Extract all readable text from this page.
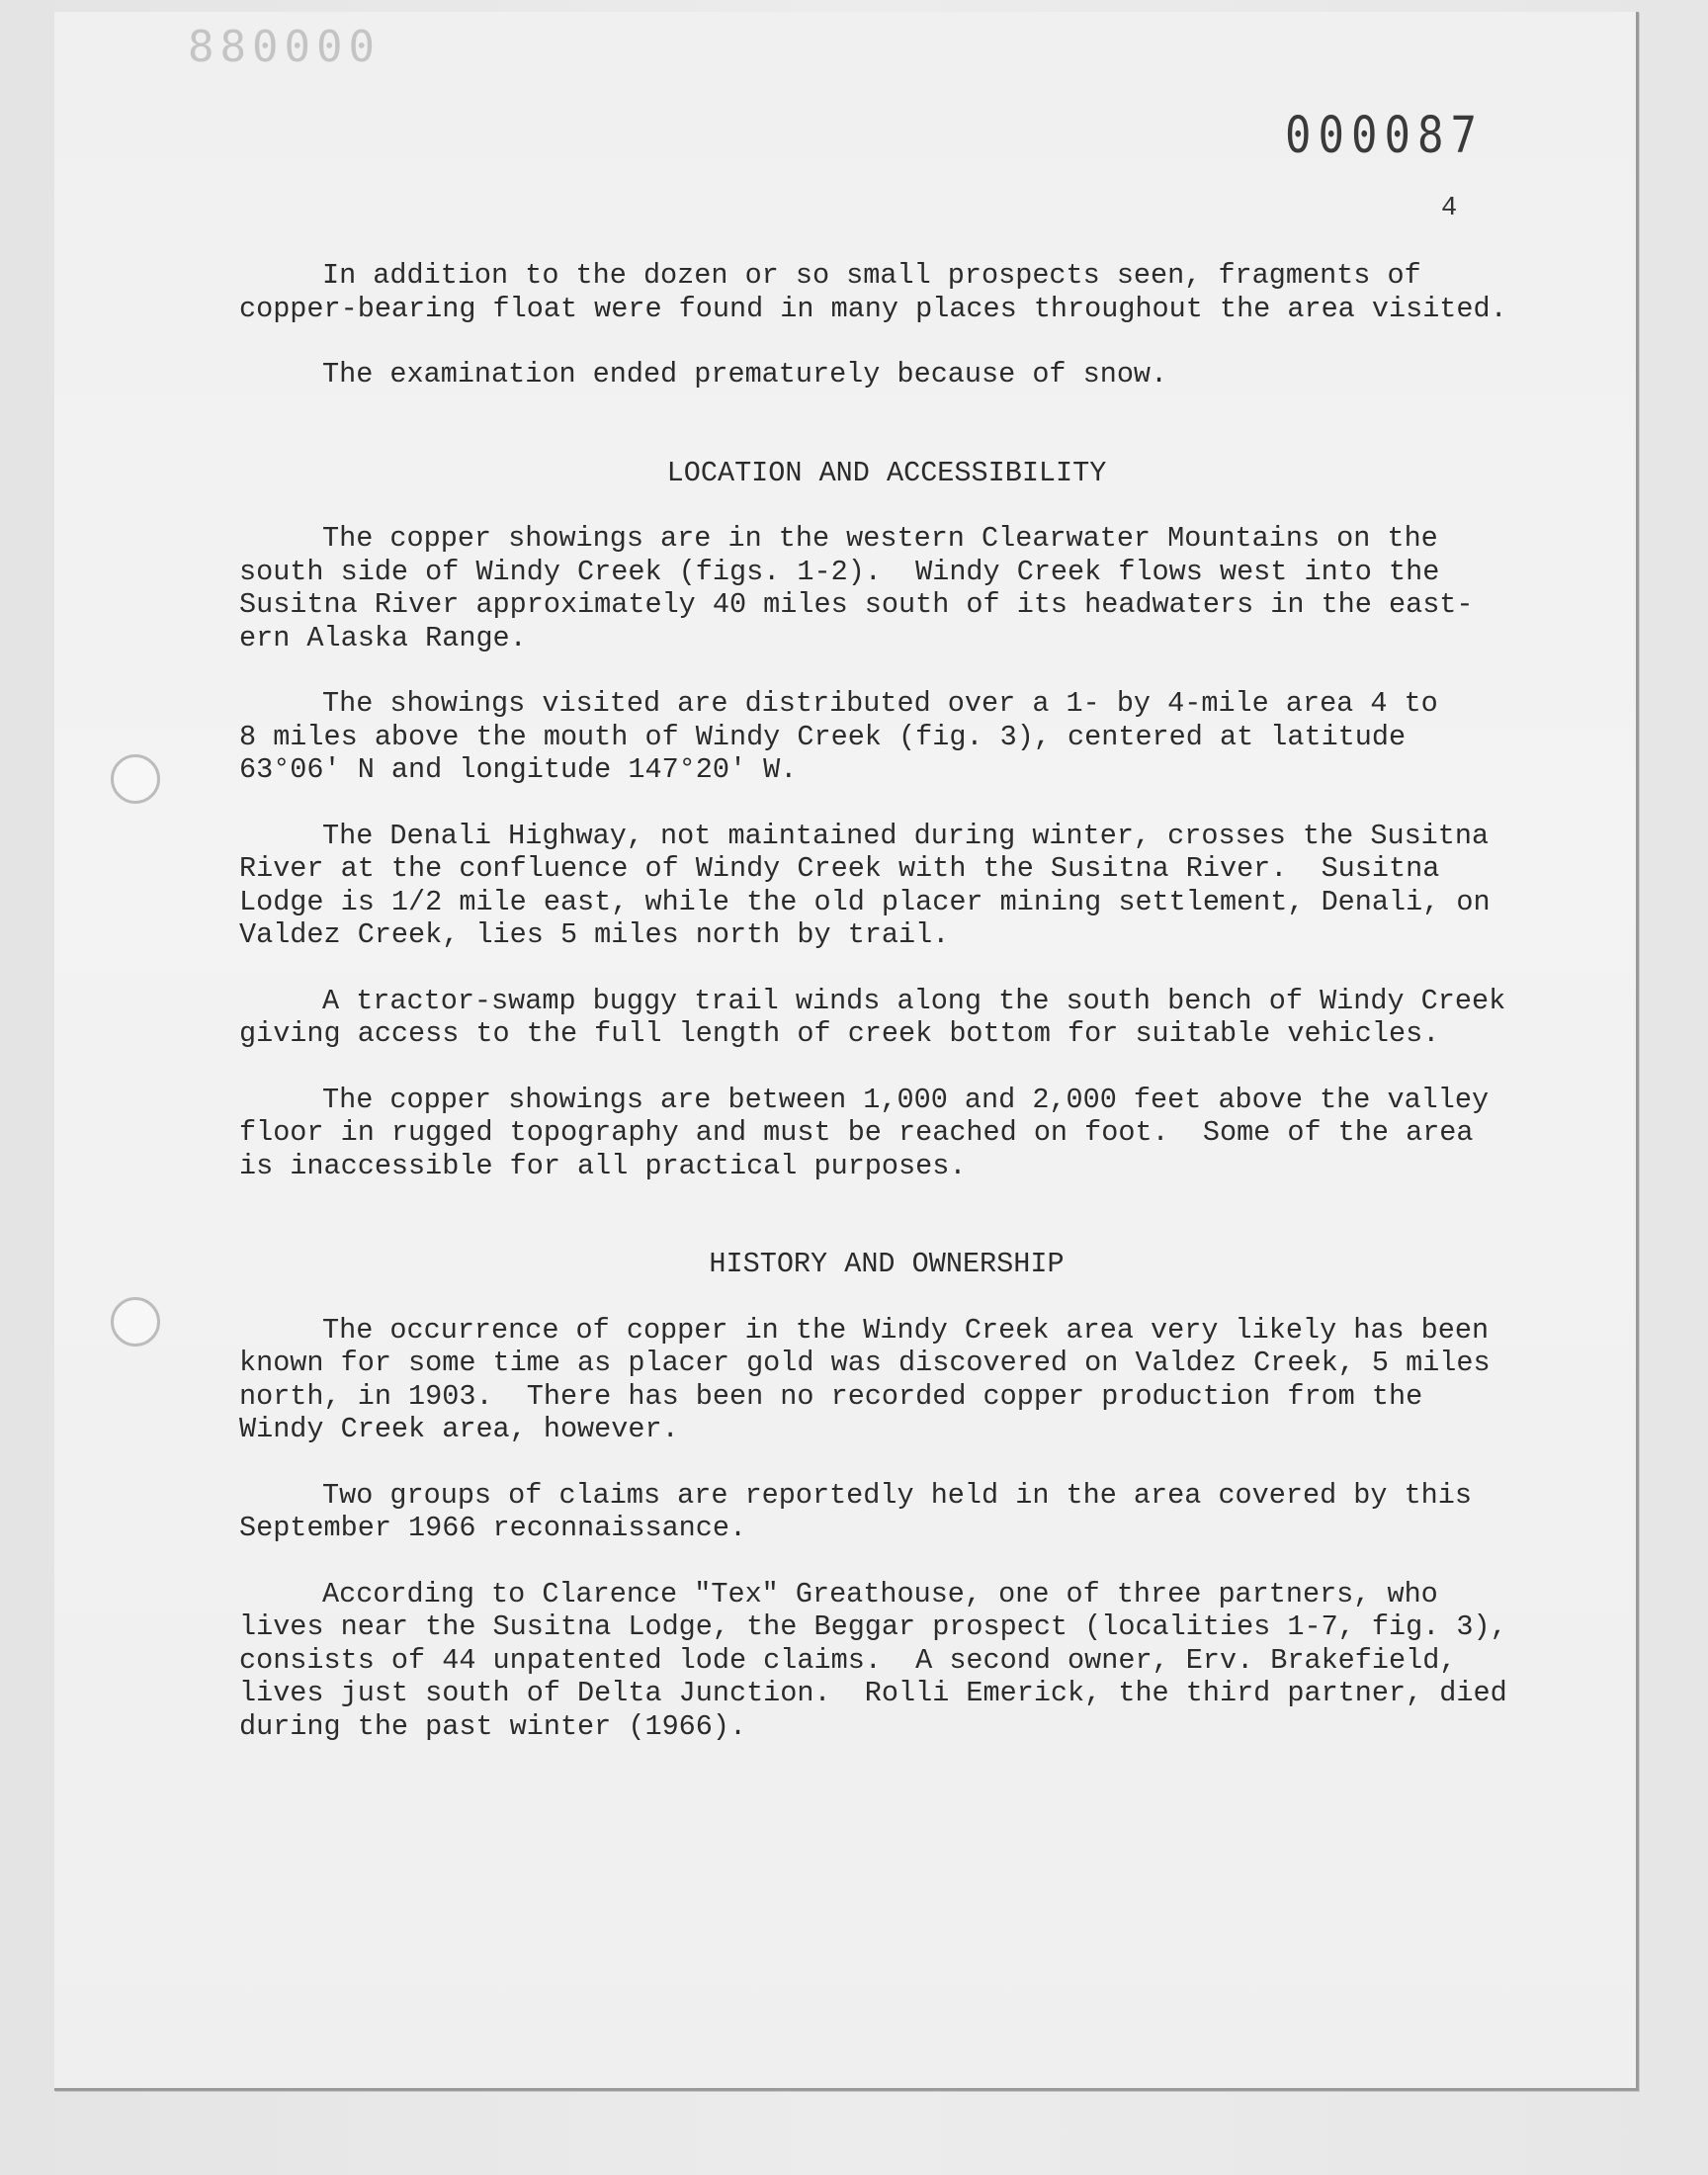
880000
000087
4
In addition to the dozen or so small prospects seen, fragments of
copper-bearing float were found in many places throughout the area visited.
The examination ended prematurely because of snow.
LOCATION AND ACCESSIBILITY
The copper showings are in the western Clearwater Mountains on the
south side of Windy Creek (figs. 1-2).  Windy Creek flows west into the
Susitna River approximately 40 miles south of its headwaters in the east-
ern Alaska Range.
The showings visited are distributed over a 1- by 4-mile area 4 to
8 miles above the mouth of Windy Creek (fig. 3), centered at latitude
63°06' N and longitude 147°20' W.
The Denali Highway, not maintained during winter, crosses the Susitna
River at the confluence of Windy Creek with the Susitna River.  Susitna
Lodge is 1/2 mile east, while the old placer mining settlement, Denali, on
Valdez Creek, lies 5 miles north by trail.
A tractor-swamp buggy trail winds along the south bench of Windy Creek
giving access to the full length of creek bottom for suitable vehicles.
The copper showings are between 1,000 and 2,000 feet above the valley
floor in rugged topography and must be reached on foot.  Some of the area
is inaccessible for all practical purposes.
HISTORY AND OWNERSHIP
The occurrence of copper in the Windy Creek area very likely has been
known for some time as placer gold was discovered on Valdez Creek, 5 miles
north, in 1903.  There has been no recorded copper production from the
Windy Creek area, however.
Two groups of claims are reportedly held in the area covered by this
September 1966 reconnaissance.
According to Clarence "Tex" Greathouse, one of three partners, who
lives near the Susitna Lodge, the Beggar prospect (localities 1-7, fig. 3),
consists of 44 unpatented lode claims.  A second owner, Erv. Brakefield,
lives just south of Delta Junction.  Rolli Emerick, the third partner, died
during the past winter (1966).
